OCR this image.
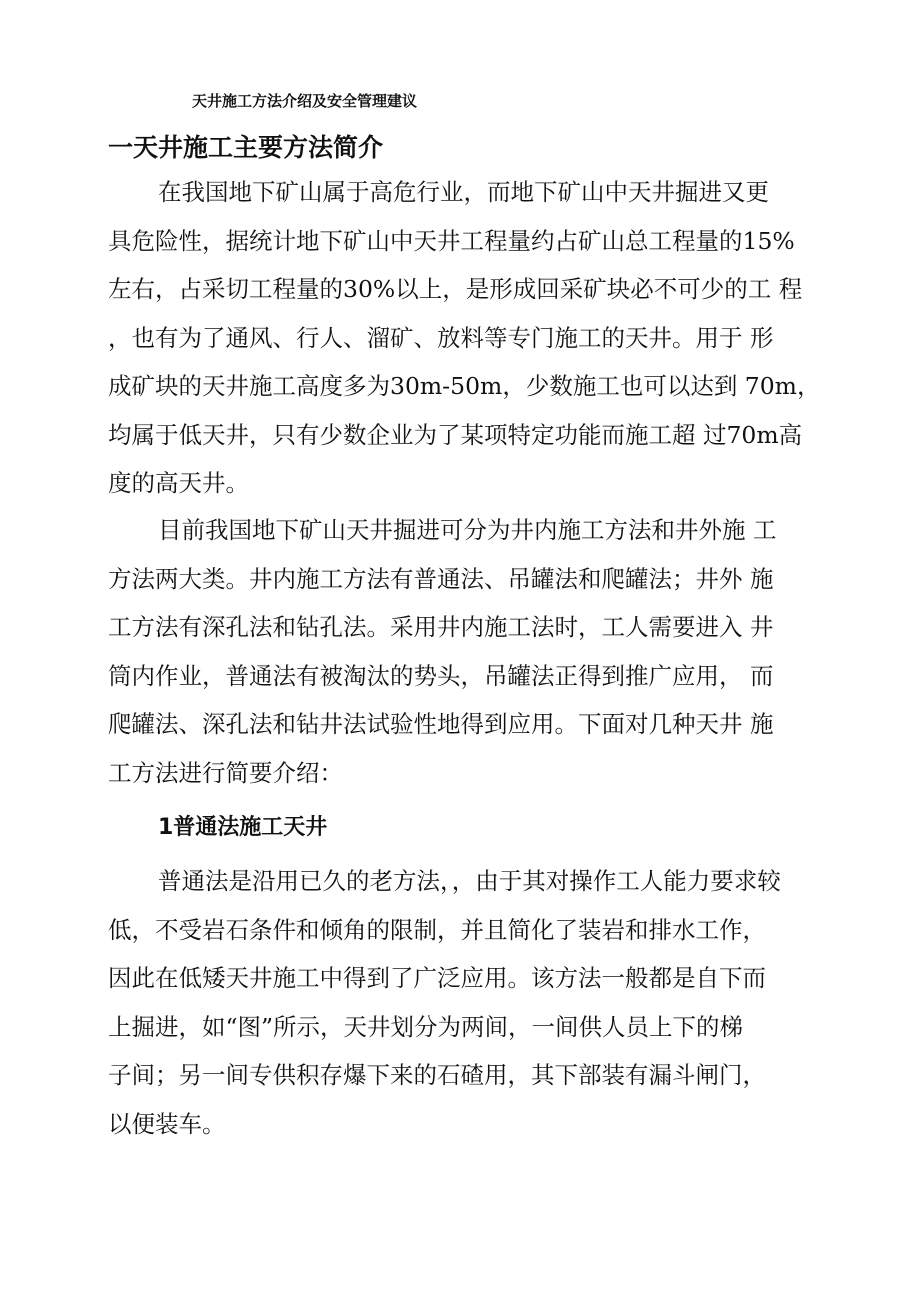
天井施工方法介绍及安全管理建议
一天井施工主要方法简介

在我国地下矿山属于高危行业，而地下矿山中天井掘进又更
具危险性，据统计地下矿山中天井工程量约占矿山总工程量的15%
左右，占采切工程量的30%以上，是形成回采矿块必不可少的工 程
，也有为了通风、行人、溜矿、放料等专门施工的天井。用于 形
成矿块的天井施工高度多为30m-50m，少数施工也可以达到 70m，
均属于低天井，只有少数企业为了某项特定功能而施工超 过70m高
度的高天井。

目前我国地下矿山天井掘进可分为井内施工方法和井外施 工
方法两大类。井内施工方法有普通法、吊罐法和爬罐法；井外 施
工方法有深孔法和钻孔法。采用井内施工法时，工人需要进入 井
筒内作业，普通法有被淘汰的势头，吊罐法正得到推广应用， 而
爬罐法、深孔法和钻井法试验性地得到应用。下面对几种天井 施
工方法进行简要介绍：

1普通法施工天井

普通法是沿用已久的老方法，，由于其对操作工人能力要求较
低，不受岩石条件和倾角的限制，并且简化了装岩和排水工作，
因此在低矮天井施工中得到了广泛应用。该方法一般都是自下而
上掘进，如“图”所示，天井划分为两间，一间供人员上下的梯
子间；另一间专供积存爆下来的石碴用，其下部装有漏斗闸门，
以便装车。
